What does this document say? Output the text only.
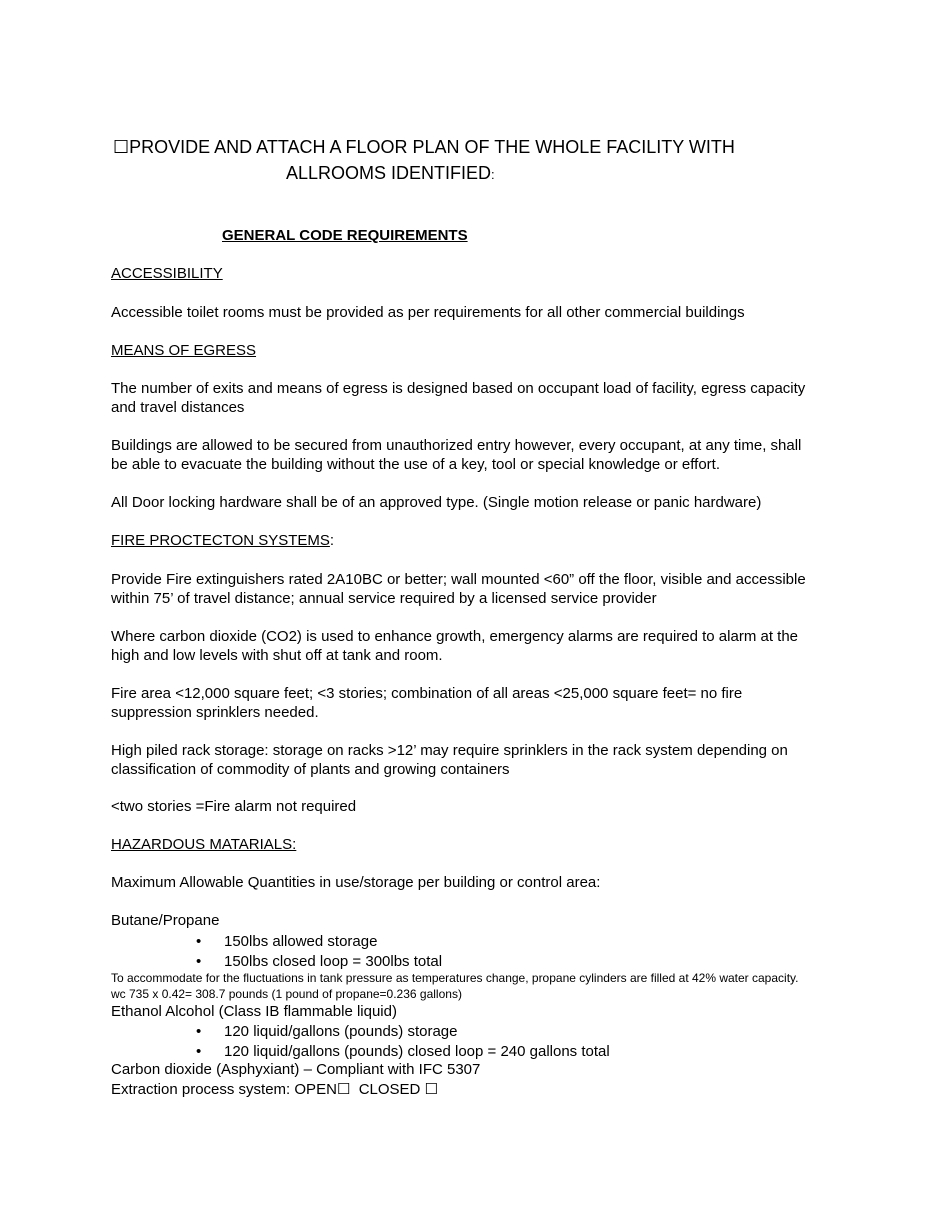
☐PROVIDE AND ATTACH A FLOOR PLAN OF THE WHOLE FACILITY WITH
ALLROOMS IDENTIFIED:
GENERAL CODE REQUIREMENTS
ACCESSIBILITY
Accessible toilet rooms must be provided as per requirements for all other commercial buildings
MEANS OF EGRESS
The number of exits and means of egress is designed based on occupant load of facility, egress capacity
and travel distances
Buildings are allowed to be secured from unauthorized entry however, every occupant, at any time, shall
be able to evacuate the building without the use of a key, tool or special knowledge or effort.
All Door locking hardware shall be of an approved type. (Single motion release or panic hardware)
FIRE PROCTECTON SYSTEMS:
Provide Fire extinguishers rated 2A10BC or better; wall mounted <60” off the floor, visible and accessible
within 75’ of travel distance; annual service required by a licensed service provider
Where carbon dioxide (CO2) is used to enhance growth, emergency alarms are required to alarm at the
high and low levels with shut off at tank and room.
Fire area <12,000 square feet; <3 stories; combination of all areas <25,000 square feet= no fire
suppression sprinklers needed.
High piled rack storage: storage on racks >12’ may require sprinklers in the rack system depending on
classification of commodity of plants and growing containers
<two stories =Fire alarm not required
HAZARDOUS MATARIALS:
Maximum Allowable Quantities in use/storage per building or control area:
Butane/Propane
• 150lbs allowed storage
• 150lbs closed loop = 300lbs total
To accommodate for the fluctuations in tank pressure as temperatures change, propane cylinders are filled at 42% water capacity.
wc 735 x 0.42= 308.7 pounds (1 pound of propane=0.236 gallons)
Ethanol Alcohol (Class IB flammable liquid)
• 120 liquid/gallons (pounds) storage
• 120 liquid/gallons (pounds) closed loop = 240 gallons total
Carbon dioxide (Asphyxiant) – Compliant with IFC 5307
Extraction process system: OPEN☐  CLOSED ☐
